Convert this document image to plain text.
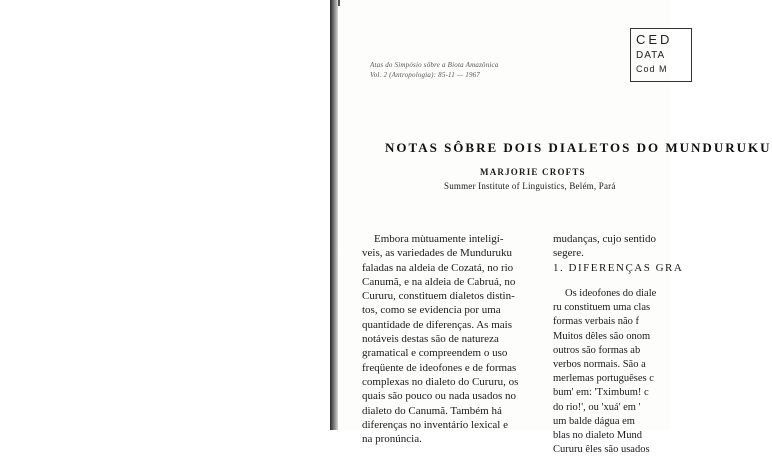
Atas do Simpósio sôbre a Biota Amazônica
Vol. 2 (Antropologia): 85-11 — 1967
CED
DATA
Cod M
NOTAS SÔBRE DOIS DIALETOS DO MUNDURUKU
MARJORIE CROFTS
Summer Institute of Linguistics, Belém, Pará
Embora mùtuamente inteligí-
veis, as variedades de Munduruku
faladas na aldeia de Cozatá, no rio
Canumã, e na aldeia de Cabruá, no
Cururu, constituem dialetos distin-
tos, como se evidencia por uma
quantidade de diferenças. As mais
notáveis destas são de natureza
gramatical e compreendem o uso
freqüente de ideofones e de formas
complexas no dialeto do Cururu, os
quais são pouco ou nada usados no
dialeto do Canumã. Também há
diferenças no inventário lexical e
na pronúncia.
mudanças, cujo sentido
segere.
1. DIFERENÇAS GRA
Os ideofones do diale
ru constituem uma clas
formas verbais não f
Muitos dêles são onom
outros são formas ab
verbos normais. São a
merlemas portuguêses c
bum' em: 'Tximbum! c
do rio!', ou 'xuá' em '
um balde dágua em
blas no dialeto Mund
Cururu êles são usados
